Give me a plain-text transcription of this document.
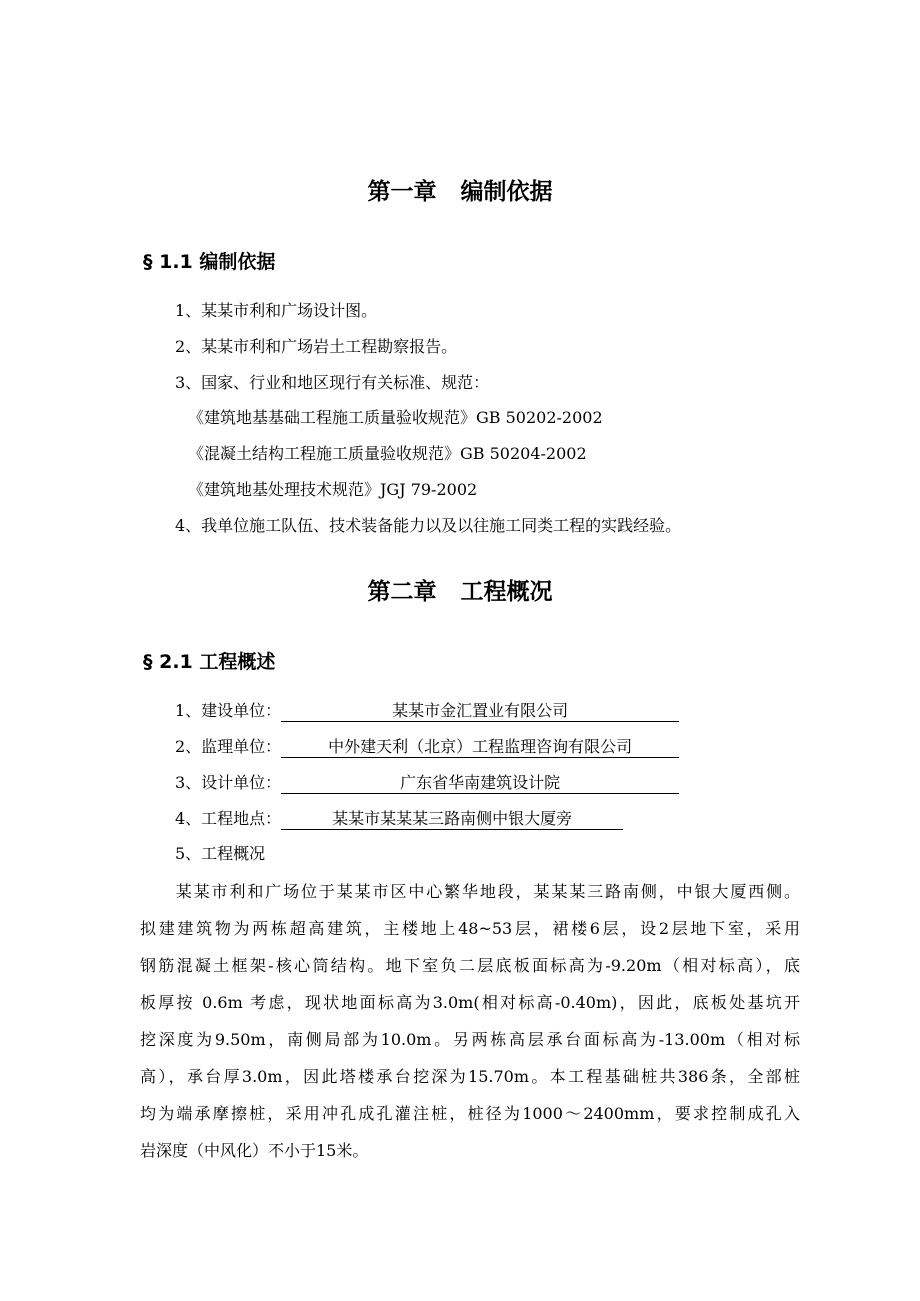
第一章 编制依据
§ 1.1 编制依据
1、某某市利和广场设计图。
2、某某市利和广场岩土工程勘察报告。
3、国家、行业和地区现行有关标准、规范：
《建筑地基基础工程施工质量验收规范》GB 50202-2002
《混凝土结构工程施工质量验收规范》GB 50204-2002
《建筑地基处理技术规范》JGJ 79-2002
4、我单位施工队伍、技术装备能力以及以往施工同类工程的实践经验。
第二章 工程概况
§ 2.1 工程概述
1、建设单位：	某某市金汇置业有限公司
2、监理单位：	中外建天利（北京）工程监理咨询有限公司
3、设计单位：	广东省华南建筑设计院
4、工程地点：	某某市某某某三路南侧中银大厦旁
5、工程概况
　　某某市利和广场位于某某市区中心繁华地段，某某某三路南侧，中银大厦西侧。
拟建建筑物为两栋超高建筑，主楼地上48~53层，裙楼6层，设2层地下室，采用
钢筋混凝土框架-核心筒结构。地下室负二层底板面标高为-9.20m（相对标高），底
板厚按 0.6m 考虑，现状地面标高为3.0m(相对标高-0.40m)，因此，底板处基坑开
挖深度为9.50m，南侧局部为10.0m。另两栋高层承台面标高为-13.00m（相对标
高），承台厚3.0m，因此塔楼承台挖深为15.70m。本工程基础桩共386条，全部桩
均为端承摩擦桩，采用冲孔成孔灌注桩，桩径为1000～2400mm，要求控制成孔入
岩深度（中风化）不小于15米。
